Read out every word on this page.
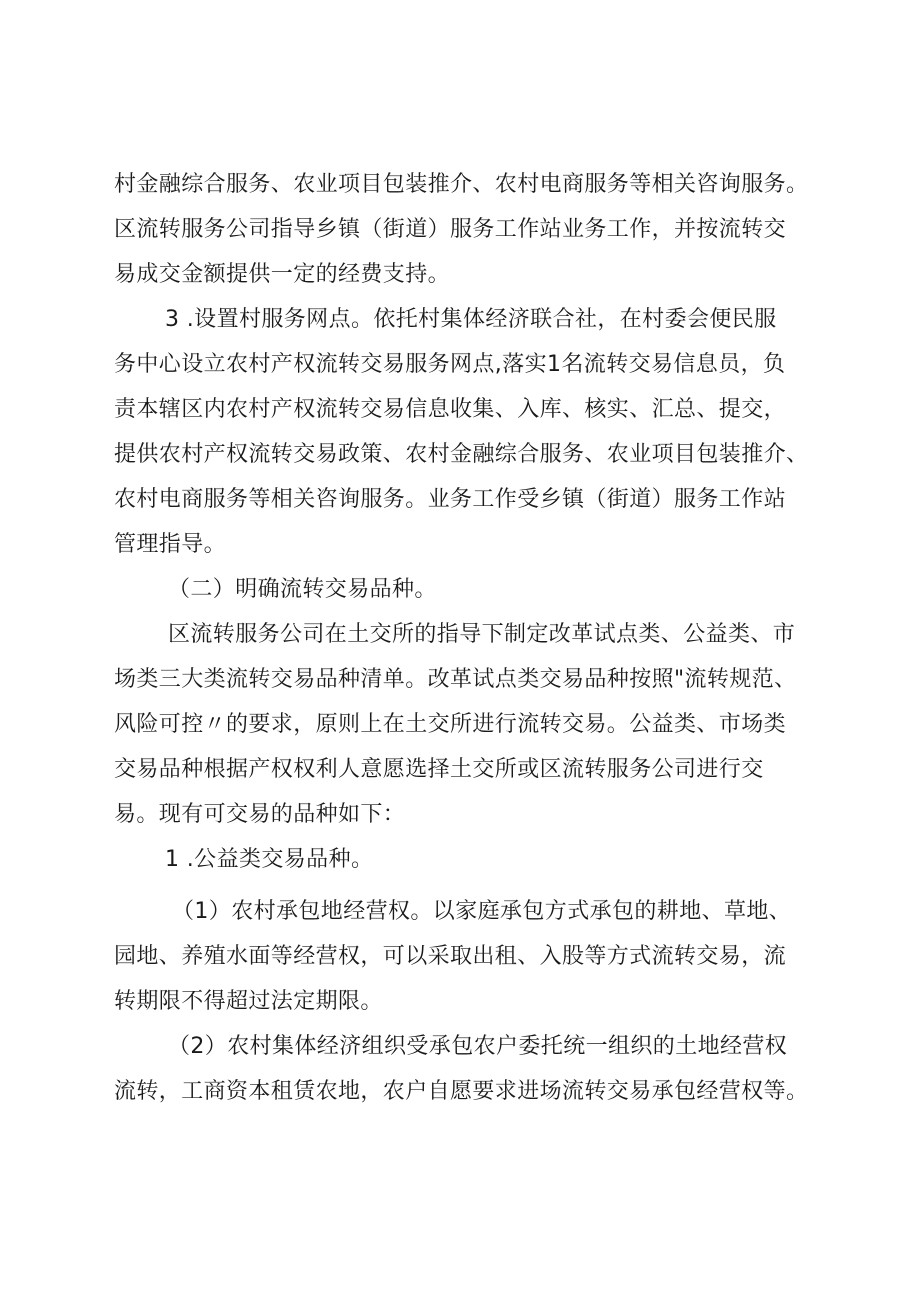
村金融综合服务、农业项目包装推介、农村电商服务等相关咨询服务。
区流转服务公司指导乡镇（街道）服务工作站业务工作，并按流转交
易成交金额提供一定的经费支持。
3 .设置村服务网点。依托村集体经济联合社，在村委会便民服
务中心设立农村产权流转交易服务网点,落实1名流转交易信息员，负
责本辖区内农村产权流转交易信息收集、入库、核实、汇总、提交，
提供农村产权流转交易政策、农村金融综合服务、农业项目包装推介、
农村电商服务等相关咨询服务。业务工作受乡镇（街道）服务工作站
管理指导。
（二）明确流转交易品种。
区流转服务公司在土交所的指导下制定改革试点类、公益类、市
场类三大类流转交易品种清单。改革试点类交易品种按照"流转规范、
风险可控〃的要求，原则上在土交所进行流转交易。公益类、市场类
交易品种根据产权权利人意愿选择土交所或区流转服务公司进行交
易。现有可交易的品种如下：
1 .公益类交易品种。
（1）农村承包地经营权。以家庭承包方式承包的耕地、草地、
园地、养殖水面等经营权，可以采取出租、入股等方式流转交易，流
转期限不得超过法定期限。
（2）农村集体经济组织受承包农户委托统一组织的土地经营权
流转，工商资本租赁农地，农户自愿要求进场流转交易承包经营权等。
